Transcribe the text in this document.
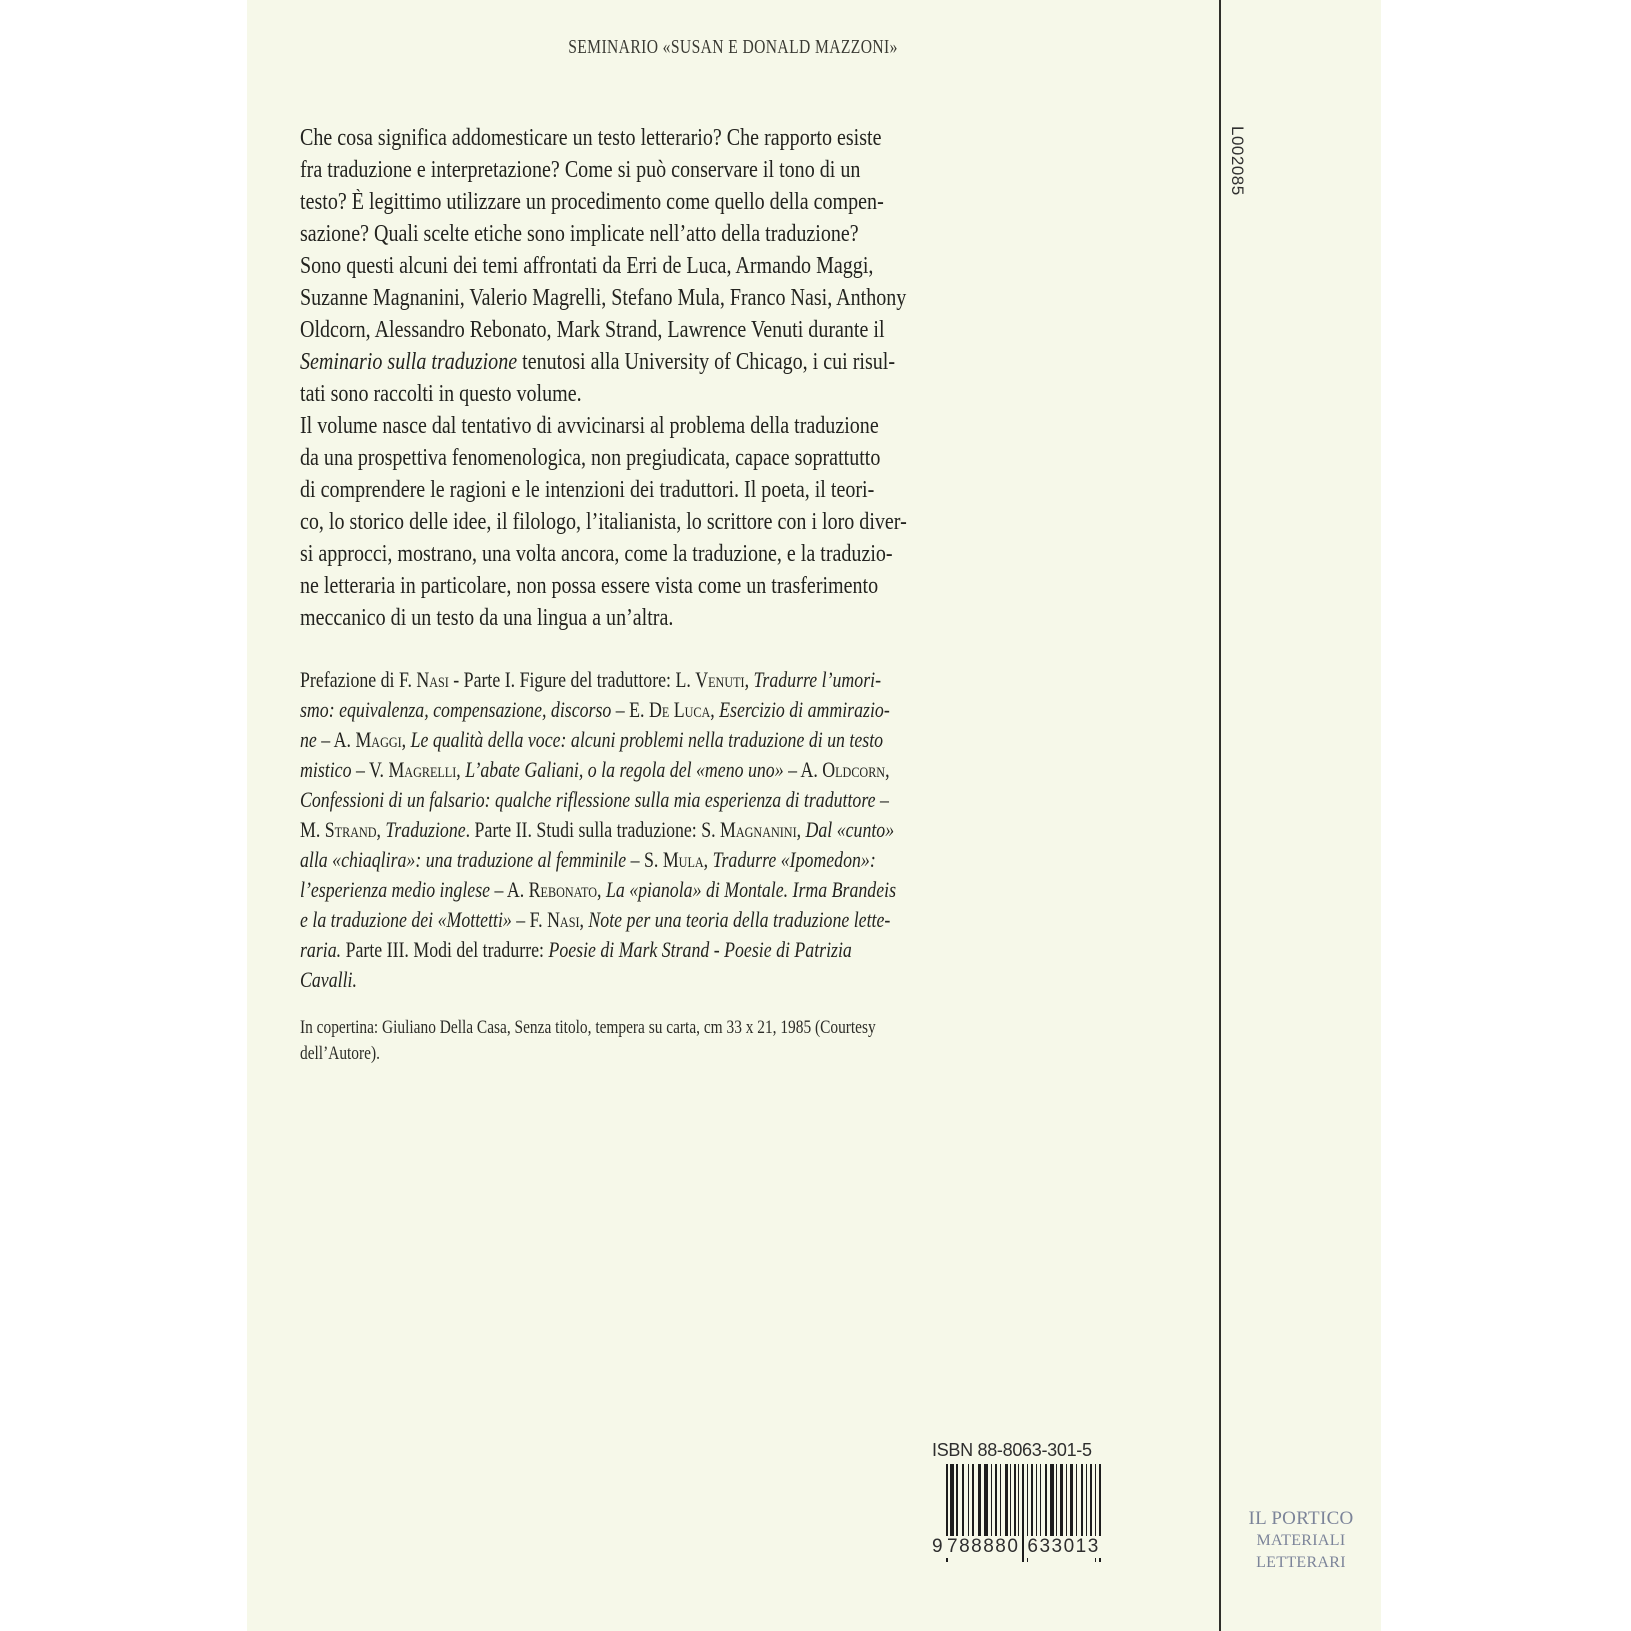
SEMINARIO «SUSAN E DONALD MAZZONI»
Che cosa significa addomesticare un testo letterario? Che rapporto esiste
fra traduzione e interpretazione? Come si può conservare il tono di un
testo? È legittimo utilizzare un procedimento come quello della compen-
sazione? Quali scelte etiche sono implicate nell’atto della traduzione?
Sono questi alcuni dei temi affrontati da Erri de Luca, Armando Maggi,
Suzanne Magnanini, Valerio Magrelli, Stefano Mula, Franco Nasi, Anthony
Oldcorn, Alessandro Rebonato, Mark Strand, Lawrence Venuti durante il
Seminario sulla traduzione tenutosi alla University of Chicago, i cui risul-
tati sono raccolti in questo volume.
Il volume nasce dal tentativo di avvicinarsi al problema della traduzione
da una prospettiva fenomenologica, non pregiudicata, capace soprattutto
di comprendere le ragioni e le intenzioni dei traduttori. Il poeta, il teori-
co, lo storico delle idee, il filologo, l’italianista, lo scrittore con i loro diver-
si approcci, mostrano, una volta ancora, come la traduzione, e la traduzio-
ne letteraria in particolare, non possa essere vista come un trasferimento
meccanico di un testo da una lingua a un’altra.
Prefazione di F. Nasi - Parte I. Figure del traduttore: L. Venuti, Tradurre l’umori-
smo: equivalenza, compensazione, discorso – E. De Luca, Esercizio di ammirazio-
ne – A. Maggi, Le qualità della voce: alcuni problemi nella traduzione di un testo
mistico – V. Magrelli, L’abate Galiani, o la regola del «meno uno» – A. Oldcorn,
Confessioni di un falsario: qualche riflessione sulla mia esperienza di traduttore –
M. Strand, Traduzione. Parte II. Studi sulla traduzione: S. Magnanini, Dal «cunto»
alla «chiaqlira»: una traduzione al femminile – S. Mula, Tradurre «Ipomedon»:
l’esperienza medio inglese – A. Rebonato, La «pianola» di Montale. Irma Brandeis
e la traduzione dei «Mottetti» – F. Nasi, Note per una teoria della traduzione lette-
raria. Parte III. Modi del tradurre: Poesie di Mark Strand - Poesie di Patrizia
Cavalli.
In copertina: Giuliano Della Casa, Senza titolo, tempera su carta, cm 33 x 21, 1985 (Courtesy
dell’Autore).
ISBN 88-8063-301-5
9 788880 633013
L002085
IL PORTICO
MATERIALI
LETTERARI
